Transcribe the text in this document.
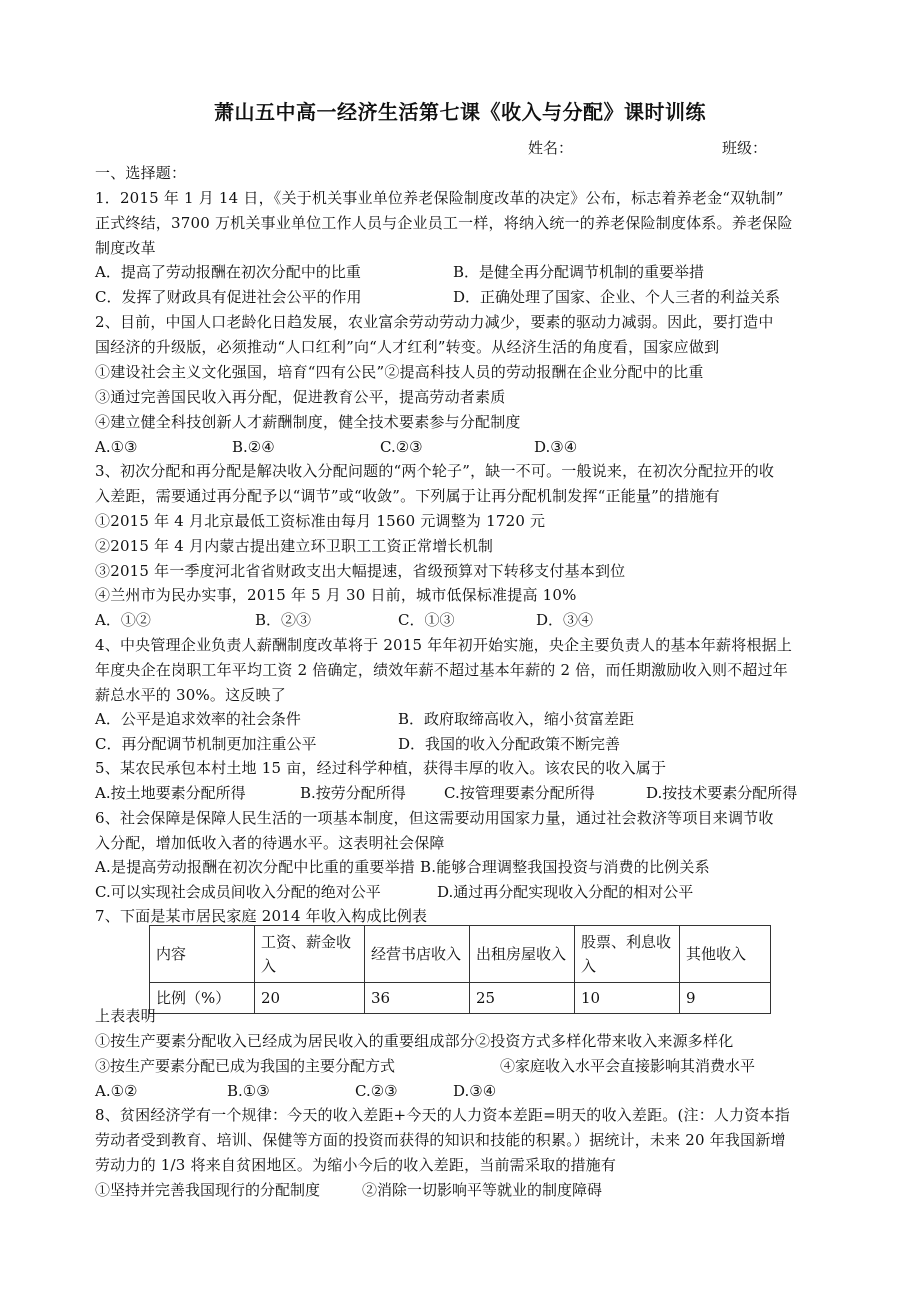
萧山五中高一经济生活第七课《收入与分配》课时训练
姓名：	班级：
一、选择题：
1．2015 年 1 月 14 日，《关于机关事业单位养老保险制度改革的决定》公布，标志着养老金“双轨制”
正式终结，3700 万机关事业单位工作人员与企业员工一样，将纳入统一的养老保险制度体系。养老保险
制度改革
A．提高了劳动报酬在初次分配中的比重	B．是健全再分配调节机制的重要举措
C．发挥了财政具有促进社会公平的作用	D．正确处理了国家、企业、个人三者的利益关系
2、目前，中国人口老龄化日趋发展，农业富余劳动劳动力减少，要素的驱动力减弱。因此，要打造中
国经济的升级版，必须推动“人口红利”向“人才红利”转变。从经济生活的角度看，国家应做到
①建设社会主义文化强国，培育“四有公民”②提高科技人员的劳动报酬在企业分配中的比重
③通过完善国民收入再分配，促进教育公平，提高劳动者素质
④建立健全科技创新人才薪酬制度，健全技术要素参与分配制度
A.①③	B.②④	C.②③	D.③④
3、初次分配和再分配是解决收入分配问题的“两个轮子”，缺一不可。一般说来，在初次分配拉开的收
入差距，需要通过再分配予以“调节”或“收敛”。下列属于让再分配机制发挥“正能量”的措施有
①2015 年 4 月北京最低工资标准由每月 1560 元调整为 1720 元
②2015 年 4 月内蒙古提出建立环卫职工工资正常增长机制
③2015 年一季度河北省省财政支出大幅提速，省级预算对下转移支付基本到位
④兰州市为民办实事，2015 年 5 月 30 日前，城市低保标准提高 10%
A．①②	B．②③	C．①③	D．③④
4、中央管理企业负责人薪酬制度改革将于 2015 年年初开始实施，央企主要负责人的基本年薪将根据上
年度央企在岗职工年平均工资 2 倍确定，绩效年薪不超过基本年薪的 2 倍，而任期激励收入则不超过年
薪总水平的 30%。这反映了
A．公平是追求效率的社会条件	B．政府取缔高收入，缩小贫富差距
C．再分配调节机制更加注重公平	D．我国的收入分配政策不断完善
5、某农民承包本村土地 15 亩，经过科学种植，获得丰厚的收入。该农民的收入属于
A.按土地要素分配所得	B.按劳分配所得	C.按管理要素分配所得	D.按技术要素分配所得
6、社会保障是保障人民生活的一项基本制度，但这需要动用国家力量，通过社会救济等项目来调节收
入分配，增加低收入者的待遇水平。这表明社会保障
A.是提高劳动报酬在初次分配中比重的重要举措 B.能够合理调整我国投资与消费的比例关系
C.可以实现社会成员间收入分配的绝对公平	D.通过再分配实现收入分配的相对公平
7、下面是某市居民家庭 2014 年收入构成比例表
内容	工资、薪金收入	经营书店收入	出租房屋收入	股票、利息收入	其他收入
比例（%）	20	36	25	10	9
上表表明
①按生产要素分配收入已经成为居民收入的重要组成部分②投资方式多样化带来收入来源多样化
③按生产要素分配已成为我国的主要分配方式	④家庭收入水平会直接影响其消费水平
A.①②	B.①③	C.②③	D.③④
8、贫困经济学有一个规律：今天的收入差距+今天的人力资本差距=明天的收入差距。(注：人力资本指
劳动者受到教育、培训、保健等方面的投资而获得的知识和技能的积累。）据统计，未来 20 年我国新增
劳动力的 1/3 将来自贫困地区。为缩小今后的收入差距，当前需采取的措施有
①坚持并完善我国现行的分配制度	②消除一切影响平等就业的制度障碍
